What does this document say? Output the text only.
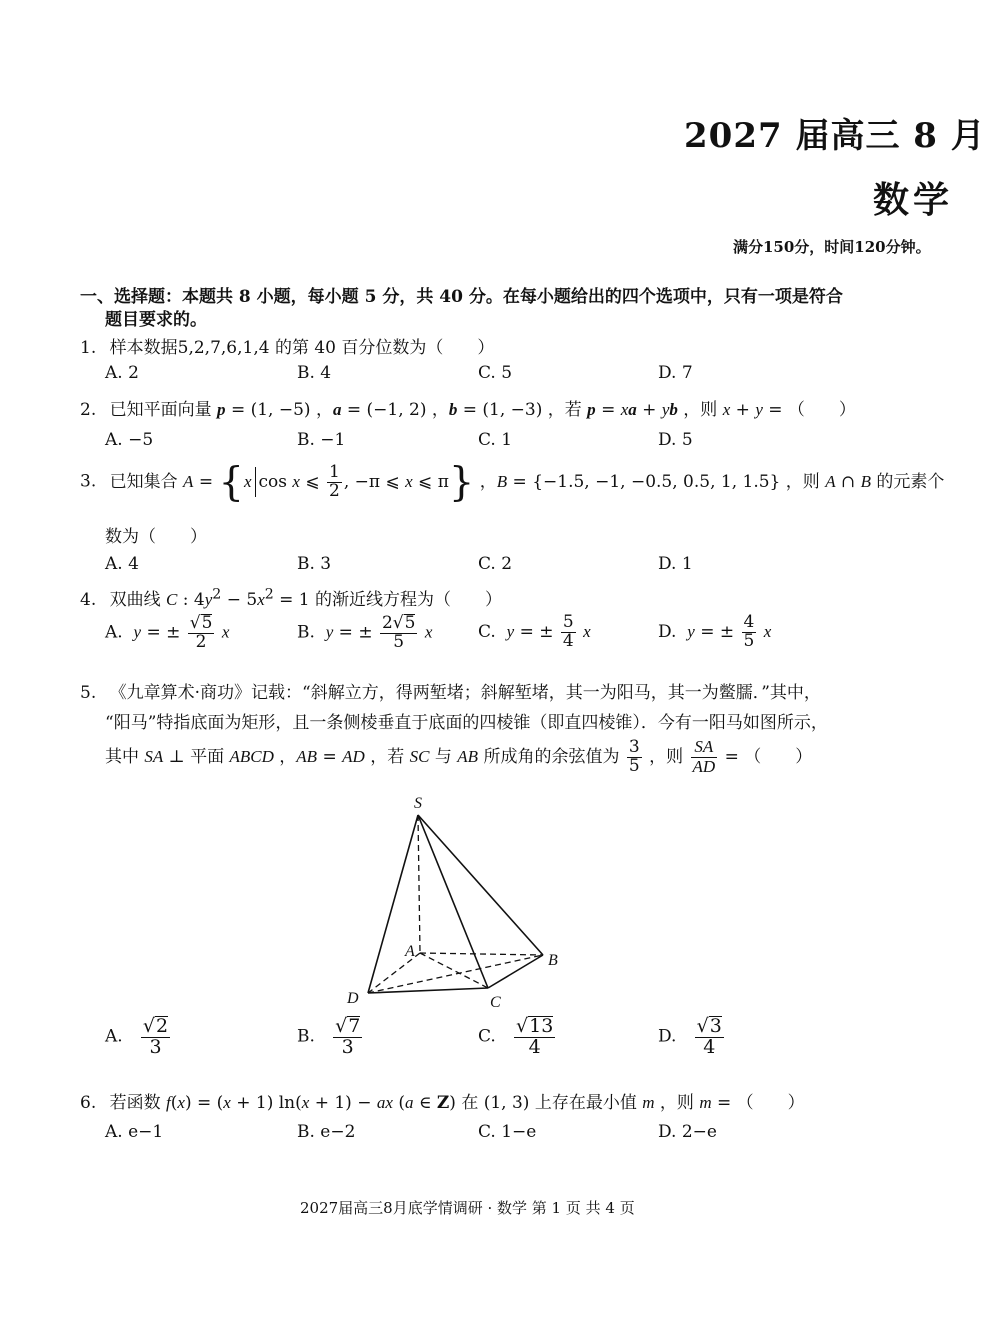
2027 届高三 8 月
数学
满分150分，时间120分钟。
一、选择题：本题共 8 小题，每小题 5 分，共 40 分。在每小题给出的四个选项中，只有一项是符合
题目要求的。
1. 样本数据5,2,7,6,1,4 的第 40 百分位数为（　　）
A. 2	B. 4	C. 5	D. 7
2. 已知平面向量 p = (1, −5) ，a = (−1, 2) ，b = (1, −3) ，若 p = xa + yb ，则 x + y = （　　）
A. −5	B. −1	C. 1	D. 5
3. 已知集合 A = {x cos x ⩽ $\frac{1}{2}$ , −π ⩽ x ⩽ π} ，B = {−1.5, −1, −0.5, 0.5, 1, 1.5} ，则 A ∩ B 的元素个
数为（　　）
A. 4	B. 3	C. 2	D. 1
4. 双曲线 C : $4y^2 - 5x^2 = 1$ 的渐近线方程为（　　）
A.  y = ± $\frac{√5}{2}$ x	B.  y = ± $\frac{2√5}{5}$ x	C.  y = ± $\frac{5}{4}$ x	D.  y = ± $\frac{4}{5}$ x
5. 《九章算术·商功》记载：“斜解立方，得两堑堵；斜解堑堵，其一为阳马，其一为鳖臑．”其中，
“阳马”特指底面为矩形，且一条侧棱垂直于底面的四棱锥（即直四棱锥）．今有一阳马如图所示，
其中 SA ⊥ 平面 ABCD ，AB = AD ，若 SC 与 AB 所成角的余弦值为 $\frac{3}{5}$ ，则 $\frac{SA}{AD}$ = （　　）
S
A
B
C
D
A. $\frac{√2}{3}$	B. $\frac{√7}{3}$	C. $\frac{√13}{4}$	D. $\frac{√3}{4}$
6. 若函数 f(x) = (x + 1) ln(x + 1) − ax (a ∈ Z) 在 (1, 3) 上存在最小值 m ，则 m = （　　）
A. e−1	B. e−2	C. 1−e	D. 2−e
2027届高三8月底学情调研 · 数学 第 1 页 共 4 页
